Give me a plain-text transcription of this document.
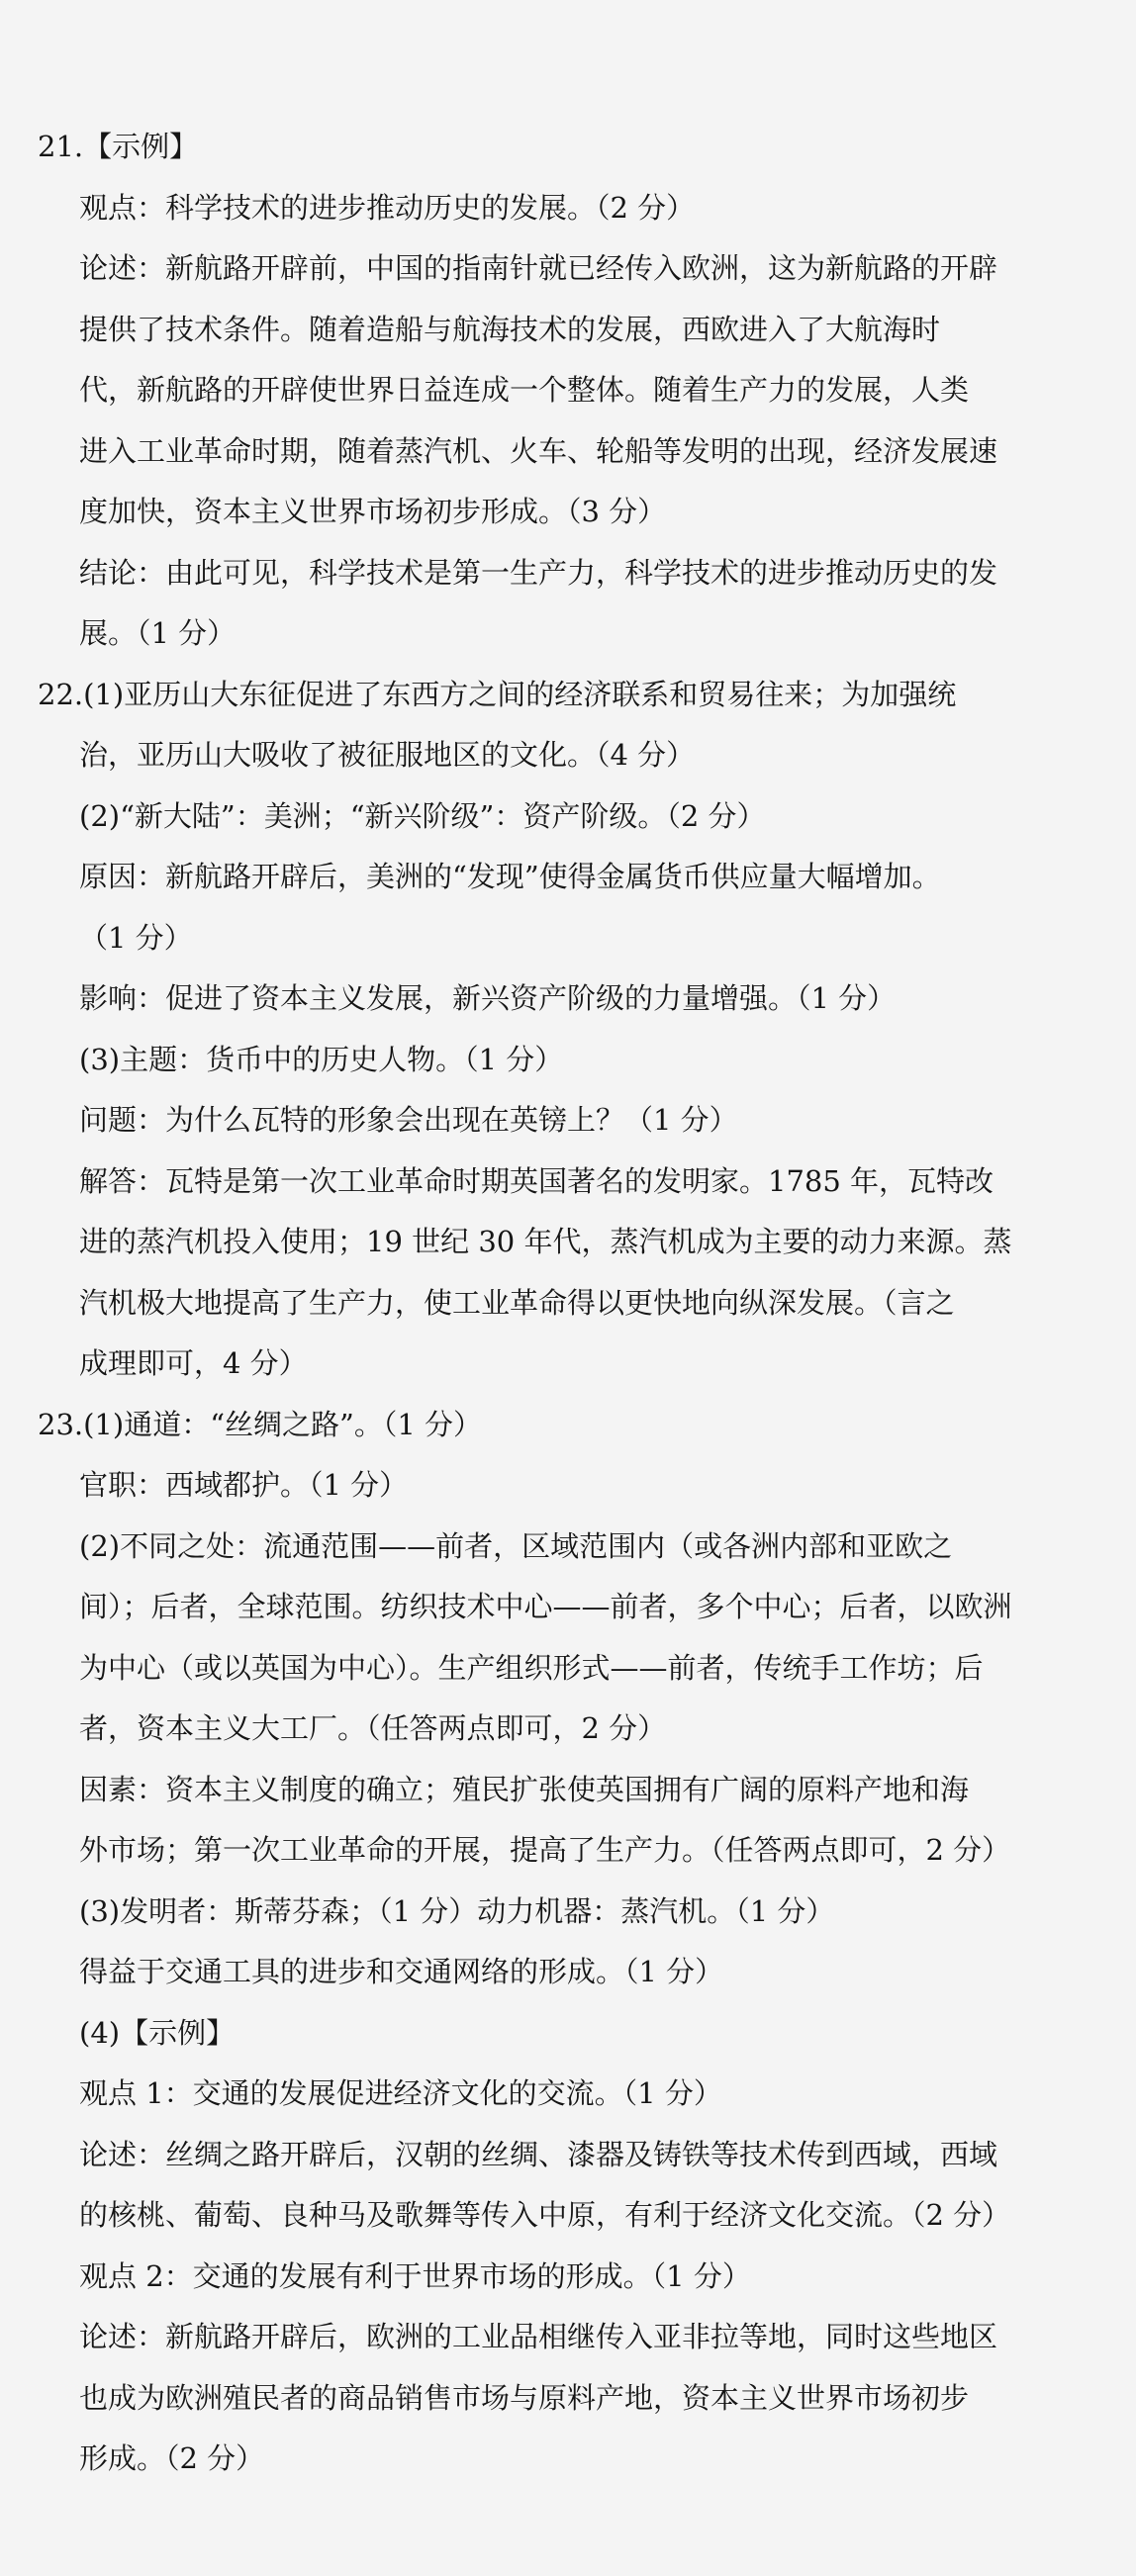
21.【示例】
观点：科学技术的进步推动历史的发展。（2 分）
论述：新航路开辟前，中国的指南针就已经传入欧洲，这为新航路的开辟
提供了技术条件。随着造船与航海技术的发展，西欧进入了大航海时
代，新航路的开辟使世界日益连成一个整体。随着生产力的发展，人类
进入工业革命时期，随着蒸汽机、火车、轮船等发明的出现，经济发展速
度加快，资本主义世界市场初步形成。（3 分）
结论：由此可见，科学技术是第一生产力，科学技术的进步推动历史的发
展。（1 分）
22.(1)亚历山大东征促进了东西方之间的经济联系和贸易往来；为加强统
治，亚历山大吸收了被征服地区的文化。（4 分）
(2)“新大陆”：美洲；“新兴阶级”：资产阶级。（2 分）
原因：新航路开辟后，美洲的“发现”使得金属货币供应量大幅增加。
（1 分）
影响：促进了资本主义发展，新兴资产阶级的力量增强。（1 分）
(3)主题：货币中的历史人物。（1 分）
问题：为什么瓦特的形象会出现在英镑上？（1 分）
解答：瓦特是第一次工业革命时期英国著名的发明家。1785 年，瓦特改
进的蒸汽机投入使用；19 世纪 30 年代，蒸汽机成为主要的动力来源。蒸
汽机极大地提高了生产力，使工业革命得以更快地向纵深发展。（言之
成理即可，4 分）
23.(1)通道：“丝绸之路”。（1 分）
官职：西域都护。（1 分）
(2)不同之处：流通范围——前者，区域范围内（或各洲内部和亚欧之
间）；后者，全球范围。纺织技术中心——前者，多个中心；后者，以欧洲
为中心（或以英国为中心）。生产组织形式——前者，传统手工作坊；后
者，资本主义大工厂。（任答两点即可，2 分）
因素：资本主义制度的确立；殖民扩张使英国拥有广阔的原料产地和海
外市场；第一次工业革命的开展，提高了生产力。（任答两点即可，2 分）
(3)发明者：斯蒂芬森；（1 分）动力机器：蒸汽机。（1 分）
得益于交通工具的进步和交通网络的形成。（1 分）
(4)【示例】
观点 1：交通的发展促进经济文化的交流。（1 分）
论述：丝绸之路开辟后，汉朝的丝绸、漆器及铸铁等技术传到西域，西域
的核桃、葡萄、良种马及歌舞等传入中原，有利于经济文化交流。（2 分）
观点 2：交通的发展有利于世界市场的形成。（1 分）
论述：新航路开辟后，欧洲的工业品相继传入亚非拉等地，同时这些地区
也成为欧洲殖民者的商品销售市场与原料产地，资本主义世界市场初步
形成。（2 分）
